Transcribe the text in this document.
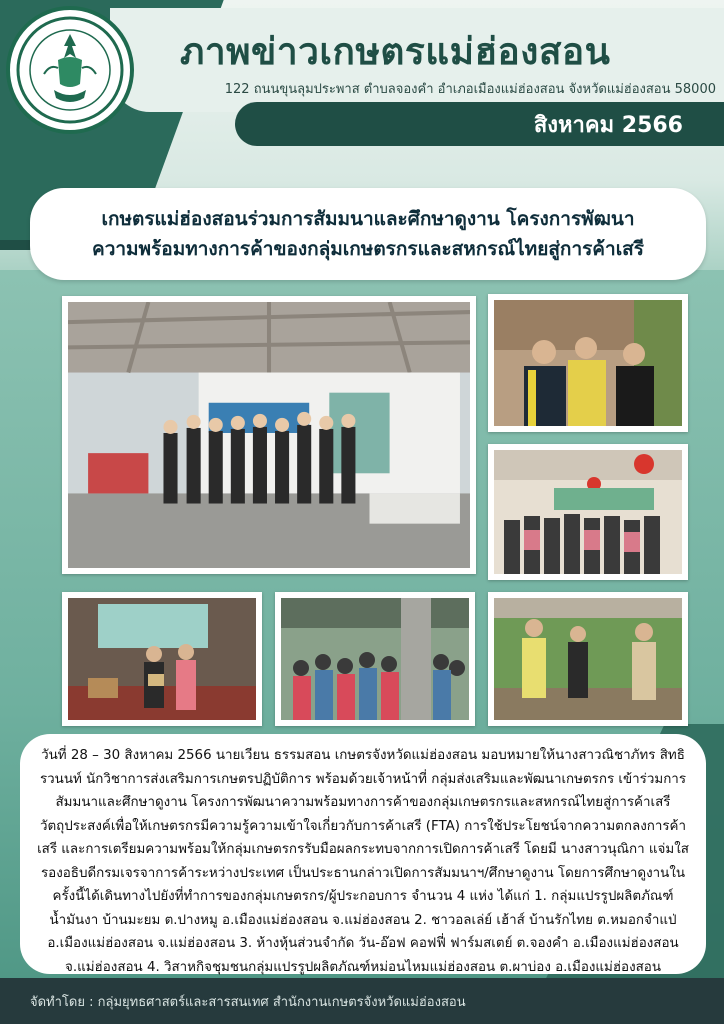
ภาพข่าวเกษตรแม่ฮ่องสอน
122 ถนนขุนลุมประพาส ตำบลจองคำ อำเภอเมืองแม่ฮ่องสอน จังหวัดแม่ฮ่องสอน 58000
สิงหาคม 2566
เกษตรแม่ฮ่องสอนร่วมการสัมมนาและศึกษาดูงาน โครงการพัฒนา
ความพร้อมทางการค้าของกลุ่มเกษตรกรและสหกรณ์ไทยสู่การค้าเสรี
วันที่ 28 – 30 สิงหาคม 2566 นายเวียน ธรรมสอน เกษตรจังหวัดแม่ฮ่องสอน มอบหมายให้นางสาวณิชาภัทร สิทธิรวนนท์ นักวิชาการส่งเสริมการเกษตรปฏิบัติการ พร้อมด้วยเจ้าหน้าที่ กลุ่มส่งเสริมและพัฒนาเกษตรกร เข้าร่วมการสัมมนาและศึกษาดูงาน โครงการพัฒนาความพร้อมทางการค้าของกลุ่มเกษตรกรและสหกรณ์ไทยสู่การค้าเสรี วัตถุประสงค์เพื่อให้เกษตรกรมีความรู้ความเข้าใจเกี่ยวกับการค้าเสรี (FTA) การใช้ประโยชน์จากความตกลงการค้าเสรี และการเตรียมความพร้อมให้กลุ่มเกษตรกรรับมือผลกระทบจากการเปิดการค้าเสรี โดยมี นางสาวนุณิกา แจ่มใส รองอธิบดีกรมเจรจาการค้าระหว่างประเทศ เป็นประธานกล่าวเปิดการสัมมนาฯ/ศึกษาดูงาน โดยการศึกษาดูงานในครั้งนี้ได้เดินทางไปยังที่ทำการของกลุ่มเกษตรกร/ผู้ประกอบการ จำนวน 4 แห่ง ได้แก่ 1. กลุ่มแปรรูปผลิตภัณฑ์น้ำมันงา บ้านมะยม ต.ปางหมู อ.เมืองแม่ฮ่องสอน จ.แม่ฮ่องสอน 2. ชาวอลเล่ย์ เฮ้าส์ บ้านรักไทย ต.หมอกจำแป่ อ.เมืองแม่ฮ่องสอน จ.แม่ฮ่องสอน 3. ห้างหุ้นส่วนจำกัด วัน-อ๊อฟ คอฟฟี่ ฟาร์มสเตย์ ต.จองคำ อ.เมืองแม่ฮ่องสอน จ.แม่ฮ่องสอน 4. วิสาหกิจชุมชนกลุ่มแปรรูปผลิตภัณฑ์หม่อนไหมแม่ฮ่องสอน ต.ผาบ่อง อ.เมืองแม่ฮ่องสอน
จัดทำโดย : กลุ่มยุทธศาสตร์และสารสนเทศ สำนักงานเกษตรจังหวัดแม่ฮ่องสอน
